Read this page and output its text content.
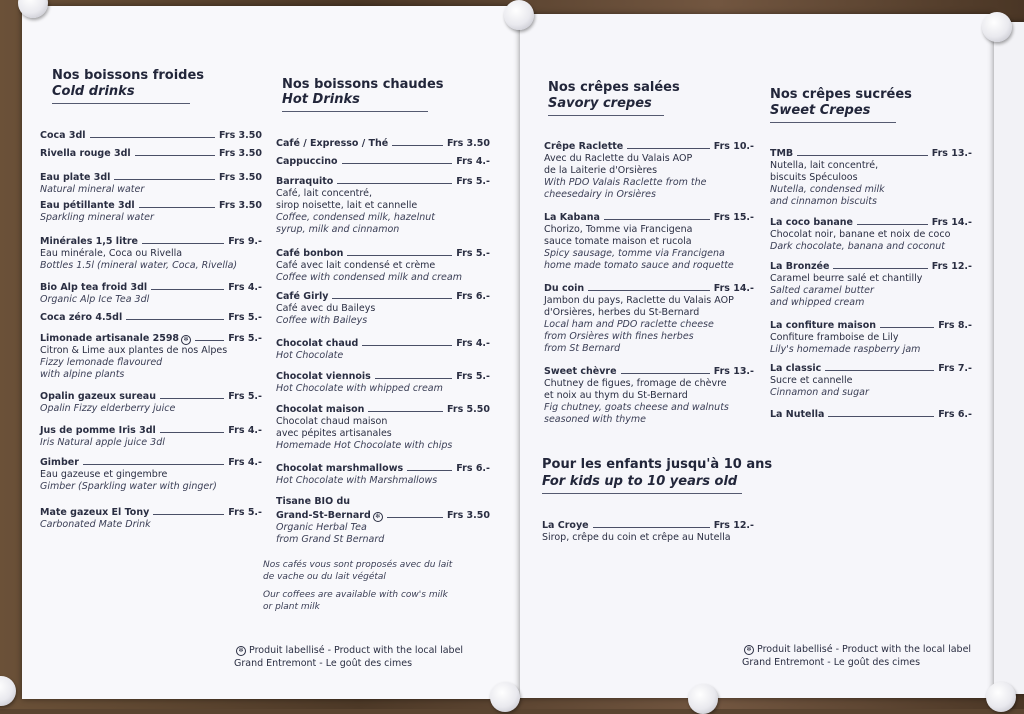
Nos boissons froides
Cold drinks	Nos boissons chaudes
Hot Drinks
Nos crêpes salées
Savory crepes
Nos crêpes sucrées
Sweet Crepes
Pour les enfants jusqu'à 10 ans
For kids up to 10 years old
Coca 3dl	Frs 3.50
Rivella rouge 3dl	Frs 3.50
Eau plate 3dl	Frs 3.50
Natural mineral water
Eau pétillante 3dl	Frs 3.50
Sparkling mineral water
Minérales 1,5 litre	Frs 9.-
Eau minérale, Coca ou Rivella
Bottles 1.5l (mineral water, Coca, Rivella)
Bio Alp tea froid 3dl	Frs 4.-
Organic Alp Ice Tea 3dl
Coca zéro 4.5dl	Frs 5.-
Limonade artisanale 2598 ✻	Frs 5.-
Citron & Lime aux plantes de nos Alpes
Fizzy lemonade flavoured
with alpine plants
Opalin gazeux sureau	Frs 5.-
Opalin Fizzy elderberry juice
Jus de pomme Iris 3dl	Frs 4.-
Iris Natural apple juice 3dl
Gimber	Frs 4.-
Eau gazeuse et gingembre
Gimber (Sparkling water with ginger)
Mate gazeux El Tony	Frs 5.-
Carbonated Mate Drink
Café / Expresso / Thé	Frs 3.50
Cappuccino	Frs 4.-
Barraquito	Frs 5.-
Café, lait concentré,
sirop noisette, lait et cannelle
Coffee, condensed milk, hazelnut
syrup, milk and cinnamon
Café bonbon	Frs 5.-
Café avec lait condensé et crème
Coffee with condensed milk and cream
Café Girly	Frs 6.-
Café avec du Baileys
Coffee with Baileys
Chocolat chaud	Frs 4.-
Hot Chocolate
Chocolat viennois	Frs 5.-
Hot Chocolate with whipped cream
Chocolat maison	Frs 5.50
Chocolat chaud maison
avec pépites artisanales
Homemade Hot Chocolate with chips
Chocolat marshmallows	Frs 6.-
Hot Chocolate with Marshmallows
Tisane BIO du
Grand-St-Bernard ✻	Frs 3.50
Organic Herbal Tea
from Grand St Bernard
Crêpe Raclette	Frs 10.-
Avec du Raclette du Valais AOP
de la Laiterie d'Orsières
With PDO Valais Raclette from the
cheesedairy in Orsières
La Kabana	Frs 15.-
Chorizo, Tomme via Francigena
sauce tomate maison et rucola
Spicy sausage, tomme via Francigena
home made tomato sauce and roquette
Du coin	Frs 14.-
Jambon du pays, Raclette du Valais AOP
d'Orsières, herbes du St-Bernard
Local ham and PDO raclette cheese
from Orsières with fines herbes
from St Bernard
Sweet chèvre	Frs 13.-
Chutney de figues, fromage de chèvre
et noix au thym du St-Bernard
Fig chutney, goats cheese and walnuts
seasoned with thyme
La Croye	Frs 12.-
Sirop, crêpe du coin et crêpe au Nutella
TMB	Frs 13.-
Nutella, lait concentré,
biscuits Spéculoos
Nutella, condensed milk
and cinnamon biscuits
La coco banane	Frs 14.-
Chocolat noir, banane et noix de coco
Dark chocolate, banana and coconut
La Bronzée	Frs 12.-
Caramel beurre salé et chantilly
Salted caramel butter
and whipped cream
La confiture maison	Frs 8.-
Confiture framboise de Lily
Lily's homemade raspberry jam
La classic	Frs 7.-
Sucre et cannelle
Cinnamon and sugar
La Nutella	Frs 6.-
Nos cafés vous sont proposés avec du lait
de vache ou du lait végétal
Our coffees are available with cow's milk
or plant milk
✻ Produit labellisé - Product with the local label
Grand Entremont - Le goût des cimes
✻ Produit labellisé - Product with the local label
Grand Entremont - Le goût des cimes
